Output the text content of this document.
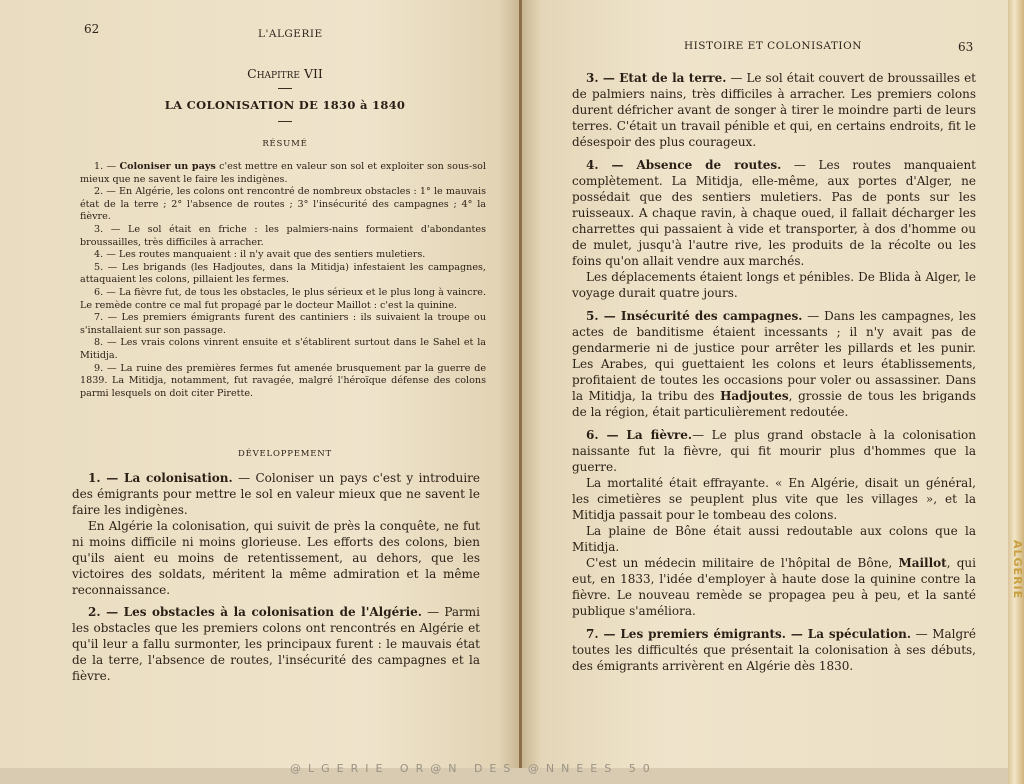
62	L'ALGERIE
Chapitre VII
LA COLONISATION DE 1830 à 1840
RÉSUMÉ

1. — Coloniser un pays c'est mettre en valeur son sol et exploiter son sous-sol mieux que ne savent le faire les indigènes.

2. — En Algérie, les colons ont rencontré de nombreux obstacles : 1° le mauvais état de la terre ; 2° l'absence de routes ; 3° l'insécurité des campagnes ; 4° la fièvre.

3. — Le sol était en friche : les palmiers-nains formaient d'abondantes broussailles, très difficiles à arracher.

4. — Les routes manquaient : il n'y avait que des sentiers muletiers.

5. — Les brigands (les Hadjoutes, dans la Mitidja) infestaient les campagnes, attaquaient les colons, pillaient les fermes.

6. — La fièvre fut, de tous les obstacles, le plus sérieux et le plus long à vaincre. Le remède contre ce mal fut propagé par le docteur Maillot : c'est la quinine.

7. — Les premiers émigrants furent des cantiniers : ils suivaient la troupe ou s'installaient sur son passage.

8. — Les vrais colons vinrent ensuite et s'établirent surtout dans le Sahel et la Mitidja.

9. — La ruine des premières fermes fut amenée brusquement par la guerre de 1839. La Mitidja, notamment, fut ravagée, malgré l'héroïque défense des colons parmi lesquels on doit citer Pirette.

DÉVELOPPEMENT

1. — La colonisation. — Coloniser un pays c'est y introduire des émigrants pour mettre le sol en valeur mieux que ne savent le faire les indigènes.

En Algérie la colonisation, qui suivit de près la conquête, ne fut ni moins difficile ni moins glorieuse. Les efforts des colons, bien qu'ils aient eu moins de retentissement, au dehors, que les victoires des soldats, méritent la même admiration et la même reconnaissance.

2. — Les obstacles à la colonisation de l'Algérie. — Parmi les obstacles que les premiers colons ont rencontrés en Algérie et qu'il leur a fallu surmonter, les principaux furent : le mauvais état de la terre, l'absence de routes, l'insécurité des campagnes et la fièvre.

HISTOIRE ET COLONISATION	63

3. — Etat de la terre. — Le sol était couvert de broussailles et de palmiers nains, très difficiles à arracher. Les premiers colons durent défricher avant de songer à tirer le moindre parti de leurs terres. C'était un travail pénible et qui, en certains endroits, fit le désespoir des plus courageux.

4. — Absence de routes. — Les routes manquaient complètement. La Mitidja, elle-même, aux portes d'Alger, ne possédait que des sentiers muletiers. Pas de ponts sur les ruisseaux. A chaque ravin, à chaque oued, il fallait décharger les charrettes qui passaient à vide et transporter, à dos d'homme ou de mulet, jusqu'à l'autre rive, les produits de la récolte ou les foins qu'on allait vendre aux marchés.

Les déplacements étaient longs et pénibles. De Blida à Alger, le voyage durait quatre jours.

5. — Insécurité des campagnes. — Dans les campagnes, les actes de banditisme étaient incessants ; il n'y avait pas de gendarmerie ni de justice pour arrêter les pillards et les punir. Les Arabes, qui guettaient les colons et leurs établissements, profitaient de toutes les occasions pour voler ou assassiner. Dans la Mitidja, la tribu des Hadjoutes, grossie de tous les brigands de la région, était particulièrement redoutée.

6. — La fièvre.— Le plus grand obstacle à la colonisation naissante fut la fièvre, qui fit mourir plus d'hommes que la guerre.

La mortalité était effrayante. « En Algérie, disait un général, les cimetières se peuplent plus vite que les villages », et la Mitidja passait pour le tombeau des colons.

La plaine de Bône était aussi redoutable aux colons que la Mitidja.

C'est un médecin militaire de l'hôpital de Bône, Maillot, qui eut, en 1833, l'idée d'employer à haute dose la quinine contre la fièvre. Le nouveau remède se propagea peu à peu, et la santé publique s'améliora.

7. — Les premiers émigrants. — La spéculation. — Malgré toutes les difficultés que présentait la colonisation à ses débuts, des émigrants arrivèrent en Algérie dès 1830.

ALGERIE
@LGERIE OR@N DES @NNEES 50
